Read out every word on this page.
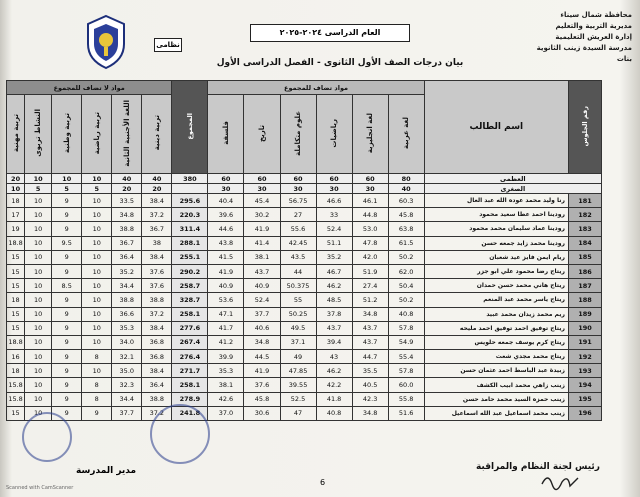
محافظة شمال سيناء
مديرية التربية والتعليم
إدارة العريش التعليمية
مدرسة السيدة زينب الثانوية بنات
العام الدراسى ٢٠٢٤-٢٠٢٥
نظامى
بيان درجات الصف الأول الثانوى - الفصل الدراسى الأول
رقم الجلوس	اسم الطالب	مواد تضاف للمجموع						المجموع	مواد لا تضاف للمجموع					
		لغة عربية	لغة انجليزية	رياضيات	علوم متكاملة	تاريخ	فلسفة		تربية دينية	اللغة الأجنبية الثانية	تربية رياضية	تربية وطنية	النشاط تربوى	تربية مهنية
العظمى		80	60	60	60	60	60	380	40	40	10	10	10	20
الصغرى		40	30	30	30	30	30		20	20	5	5	5	10
181	رنا وليد محمد عوده الله عبد العال	60.3	46.1	46.6	56.75	45.4	40.4	295.6	38.4	33.5	10	9	10	18
182	رودينا احمد عطا سعيد محمود	45.8	44.8	33	27	30.2	39.6	220.3	37.2	34.8	10	9	10	17
183	رودينا عماد سليمان محمد محمود	63.8	53.0	52.4	55.6	41.9	44.6	311.4	36.7	38.8	10	9	10	19
184	رودينا محمد زايد جمعه حسن	61.5	47.8	51.1	42.45	41.4	43.8	288.1	38	36.7	10	9.5	10	18.8
185	ريام ايمن فايز عيد شعبان	50.2	42.0	35.2	43.5	38.1	41.5	255.1	38.4	36.4	10	9	10	15
186	ريتاج رضا محمود علي ابو جزر	62.0	51.9	46.7	44	43.7	41.9	290.2	37.6	35.2	10	9	10	15
187	ريتاج هاني محمد حسن حمدان	50.4	27.4	46.2	50.375	40.9	40.9	258.7	37.6	34.4	10	8.5	10	15
188	ريتاج ياسر محمد عبد المنعم	50.2	51.2	48.5	55	52.4	53.6	328.7	38.8	38.8	10	9	10	18
189	ريم محمد زيدان محمد عبيد	40.8	34.8	37.8	50.25	37.7	47.1	258.1	37.2	36.6	10	9	10	15
190	ريتاج توفيق احمد توفيق احمد مليحه	57.8	43.7	43.7	49.5	40.6	41.7	277.6	38.4	35.3	10	9	10	15
191	ريتاج كرم يوسف جمعه حلويس	54.9	43.7	39.4	37.1	34.8	41.2	267.4	36.8	34.0	10	9	10	18.8
192	ريتاج محمد مجدي شعت	55.4	44.7	43	49	44.5	39.9	276.4	36.8	32.1	8	9	10	16
193	زبيدة عبد الباسط احمد عثمان حسن	57.8	35.5	46.2	47.85	41.9	35.3	271.7	38.4	35.0	10	9	10	18
194	زينب زاهي محمد ابيب الكشف	60.0	40.5	42.2	39.55	37.6	38.1	258.1	36.4	32.3	8	9	10	15.8
195	زينب حمزه السيد محمد حامد حسن	55.8	42.3	41.8	52.5	45.8	42.6	278.9	38.8	34.4	8	9	10	15.8
196	زينب محمد اسماعيل عبد الله اسماعيل	51.6	34.8	40.8	47	30.6	37.0	241.8	37.2	37.7	9	9	10	15
6
رئيس لجنة النظام والمراقبة
مدير المدرسة
Scanned with CamScanner
